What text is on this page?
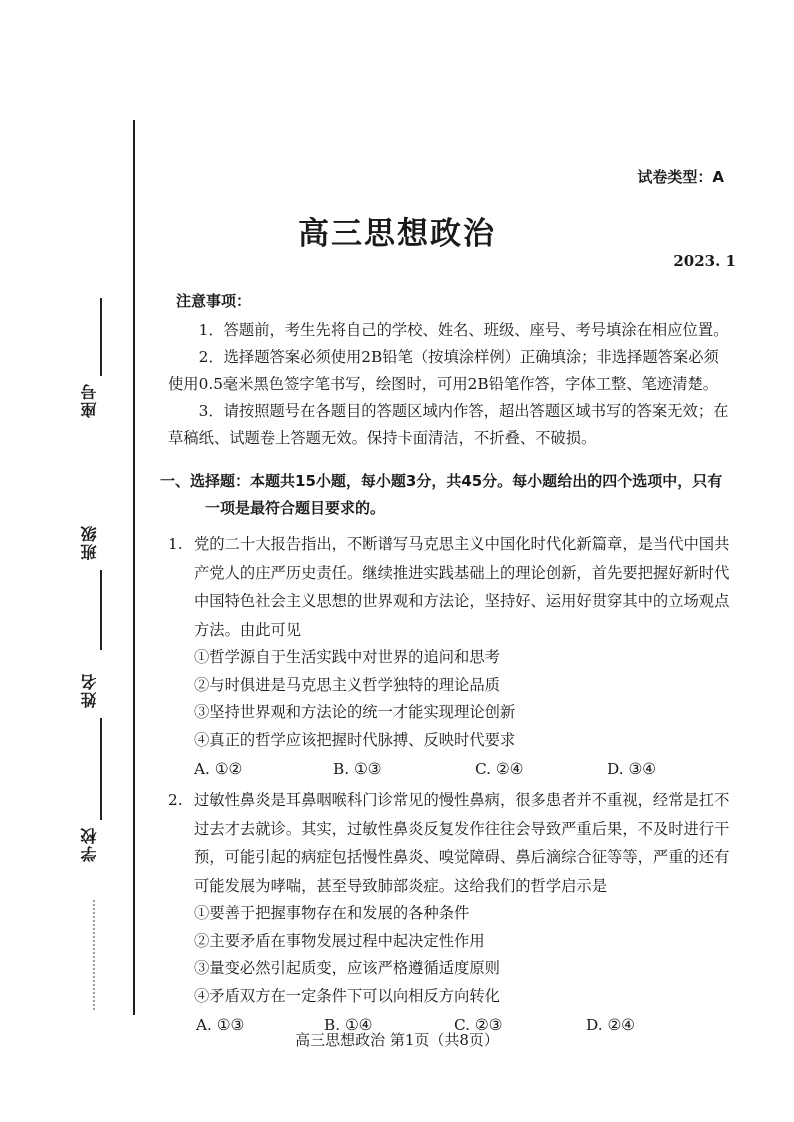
座号
班级
姓名
学校
试卷类型：A
高三思想政治
2023. 1
注意事项：

1．答题前，考生先将自己的学校、姓名、班级、座号、考号填涂在相应位置。

2．选择题答案必须使用2B铅笔（按填涂样例）正确填涂；非选择题答案必须使用0.5毫米黑色签字笔书写，绘图时，可用2B铅笔作答，字体工整、笔迹清楚。

3．请按照题号在各题目的答题区域内作答，超出答题区域书写的答案无效；在草稿纸、试题卷上答题无效。保持卡面清洁，不折叠、不破损。

一、选择题：本题共15小题，每小题3分，共45分。每小题给出的四个选项中，只有
一项是最符合题目要求的。

1. 党的二十大报告指出，不断谱写马克思主义中国化时代化新篇章，是当代中国共产党人的庄严历史责任。继续推进实践基础上的理论创新，首先要把握好新时代中国特色社会主义思想的世界观和方法论，坚持好、运用好贯穿其中的立场观点方法。由此可见

①哲学源自于生活实践中对世界的追问和思考

②与时俱进是马克思主义哲学独特的理论品质

③坚持世界观和方法论的统一才能实现理论创新

④真正的哲学应该把握时代脉搏、反映时代要求

A. ①②	B. ①③	C. ②④	D. ③④

2. 过敏性鼻炎是耳鼻咽喉科门诊常见的慢性鼻病，很多患者并不重视，经常是扛不过去才去就诊。其实，过敏性鼻炎反复发作往往会导致严重后果，不及时进行干预，可能引起的病症包括慢性鼻炎、嗅觉障碍、鼻后滴综合征等等，严重的还有可能发展为哮喘，甚至导致肺部炎症。这给我们的哲学启示是

①要善于把握事物存在和发展的各种条件

②主要矛盾在事物发展过程中起决定性作用

③量变必然引起质变，应该严格遵循适度原则

④矛盾双方在一定条件下可以向相反方向转化

A. ①③	B. ①④	C. ②③	D. ②④
高三思想政治 第1页（共8页）
